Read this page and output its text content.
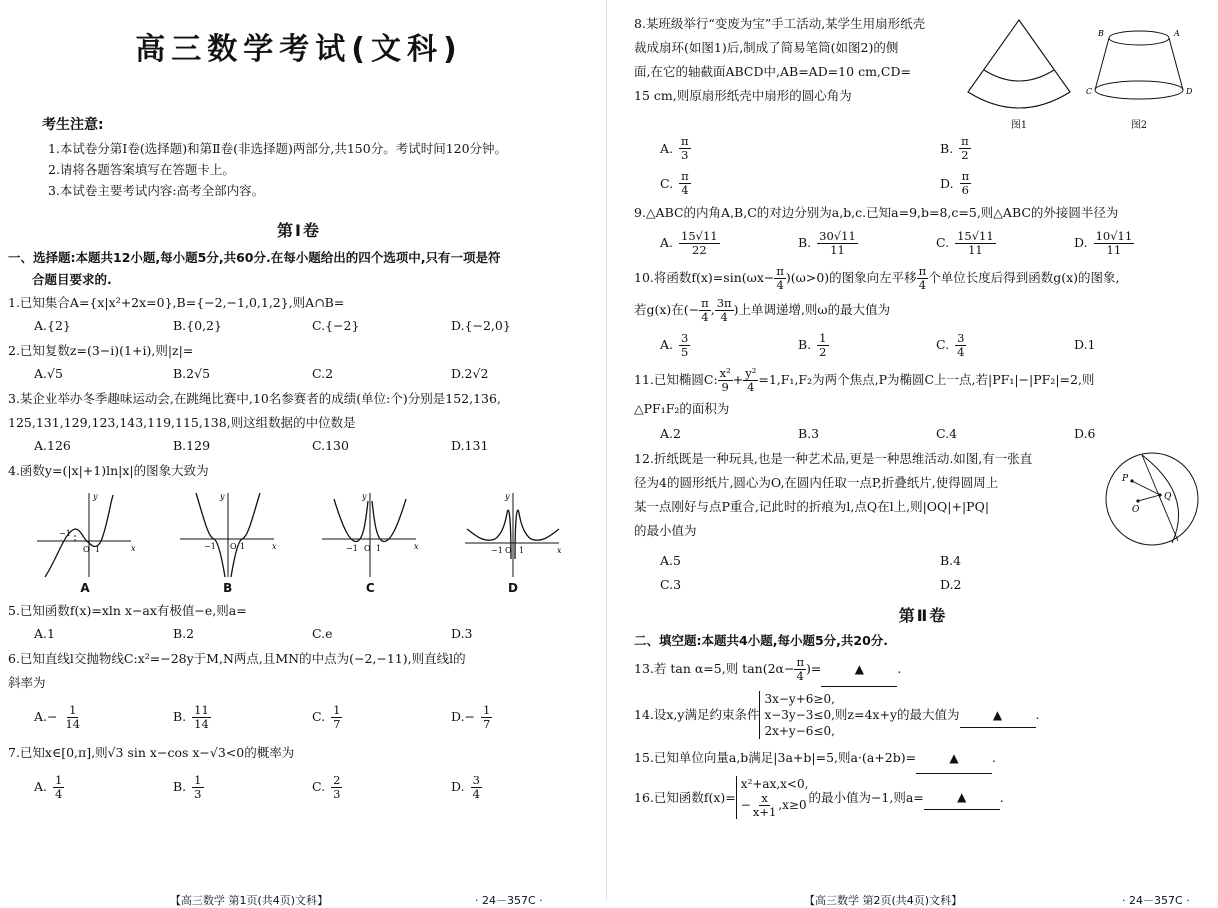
高三数学考试(文科)
考生注意:
1.本试卷分第Ⅰ卷(选择题)和第Ⅱ卷(非选择题)两部分,共150分。考试时间120分钟。
2.请将各题答案填写在答题卡上。
3.本试卷主要考试内容:高考全部内容。
第Ⅰ卷
一、选择题:本题共12小题,每小题5分,共60分.在每小题给出的四个选项中,只有一项是符
合题目要求的.
1.已知集合A={x|x²+2x=0},B={−2,−1,0,1,2},则A∩B=
A.{2}	B.{0,2}	C.{−2}	D.{−2,0}
2.已知复数z=(3−i)(1+i),则|z|=
A.√5	B.2√5	C.2	D.2√2
3.某企业举办冬季趣味运动会,在跳绳比赛中,10名参赛者的成绩(单位:个)分别是152,136,
125,131,129,123,143,119,115,138,则这组数据的中位数是
A.126	B.129	C.130	D.131
4.函数y=(|x|+1)ln|x|的图象大致为
x
y
−1
O 1
A
x
y
−1 O 1
B
x
y
−1 O 1
C
x
y
−1 O 1
D
5.已知函数f(x)=xln x−ax有极值−e,则a=
A.1	B.2	C.e	D.3
6.已知直线l交抛物线C:x²=−28y于M,N两点,且MN的中点为(−2,−11),则直线l的
斜率为
$A.- \frac{1}{14}$	B. $\frac{11}{14}$	C. $\frac{1}{7}$	$D.- \frac{1}{7}$
7.已知x∈[0,π],则√3 sin x−cos x−√3<0的概率为
A. $\frac{1}{4}$	B. $\frac{1}{3}$	C. $\frac{2}{3}$	D. $\frac{3}{4}$
【高三数学 第1页(共4页)文科】	· 24－357C ·
8.某班级举行“变废为宝”手工活动,某学生用扇形纸壳
裁成扇环(如图1)后,制成了简易笔筒(如图2)的侧
面,在它的轴截面ABCD中,AB=AD=10 cm,CD=
15 cm,则原扇形纸壳中扇形的圆心角为
图1
B	A
C	D
图2
A. $\frac{\pi}{3}$	B. $\frac{\pi}{2}$
C. $\frac{\pi}{4}$	D. $\frac{\pi}{6}$
9.△ABC的内角A,B,C的对边分别为a,b,c.已知a=9,b=8,c=5,则△ABC的外接圆半径为
A. $\frac{15√11}{22}$	B. $\frac{30√11}{11}$	C. $\frac{15√11}{11}$	D. $\frac{10√11}{11}$
10.将函数$f(x)=\sin(\omega x- \frac{\pi}{4} )(\omega>0)$的图象向左平移 $\frac{\pi}{4}$ 个单位长度后得到函数g(x)的图象,
若g(x)在(− $\frac{\pi}{4}$ , $\frac{3\pi}{4}$ )上单调递增,则ω的最大值为
A. $\frac{3}{5}$	B. $\frac{1}{2}$	C. $\frac{3}{4}$	D.1
11.已知椭圆C: $\frac{\text{x²}}{9} + \frac{\text{y²}}{4} =1,F_1,F_2$为两个焦点,P为椭圆C上一点,若|PF₁|−|PF₂|=2,则
△PF₁F₂的面积为
A.2	B.3	C.4	D.6
12.折纸既是一种玩具,也是一种艺术品,更是一种思维活动.如图,有一张直
径为4的圆形纸片,圆心为O,在圆内任取一点P,折叠纸片,使得圆周上
某一点刚好与点P重合,记此时的折痕为l,点Q在l上,则|OQ|+|PQ|
的最小值为
P
Q
O
A.5	B.4
C.3	D.2
第Ⅱ卷
二、填空题:本题共4小题,每小题5分,共20分.
13.若 tan α=5,则 $\tan(2\alpha- \frac{\pi}{4}$ )=	▲	.
14.设x,y满足约束条件
3x−y+6≥0,
x−3y−3≤0,
2x+y−6≤0,
则z=4x+y的最大值为	▲	.
15.已知单位向量a,b满足|3a+b|=5,则a·(a+2b)=	▲	.
16.已知函数f(x)=
x²+ax,x<0,
− $\frac{x}{x+1} ,x\ge 0$
的最小值为−1,则a=	▲	.
【高三数学 第2页(共4页)文科】	· 24－357C ·
